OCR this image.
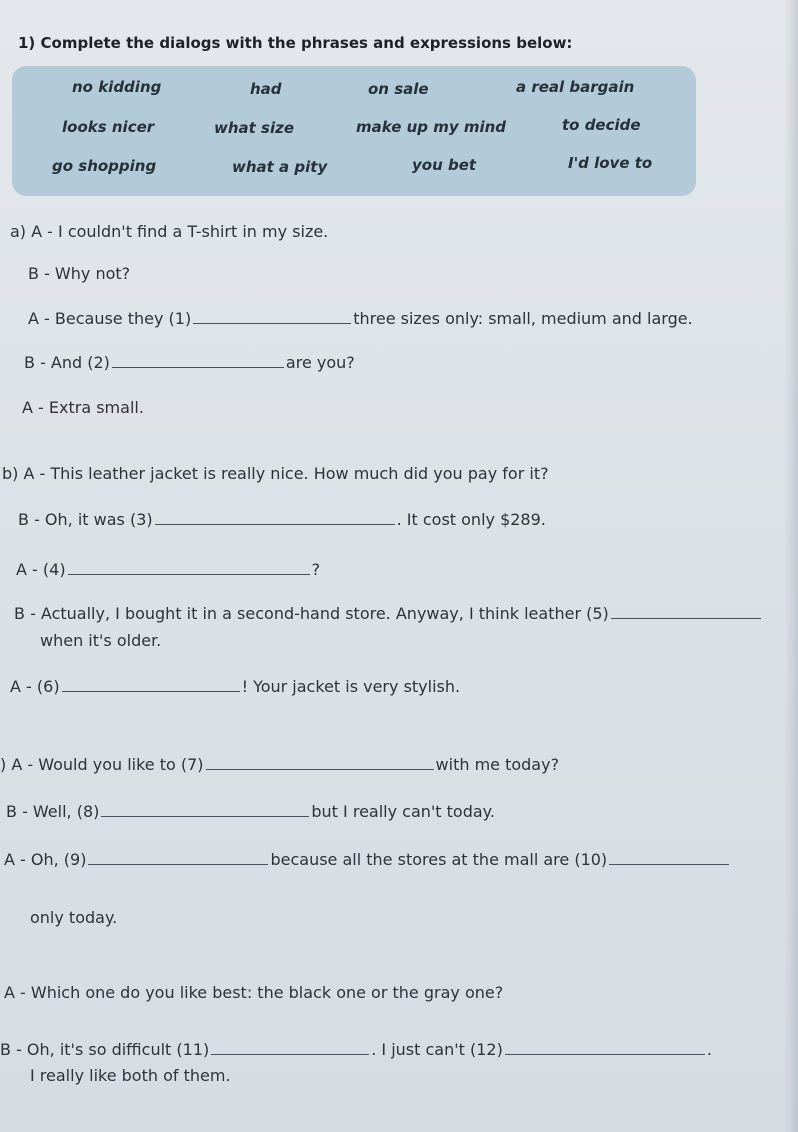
1) Complete the dialogs with the phrases and expressions below:
no kidding	had	on sale	a real bargain
looks nicer	what size	make up my mind	to decide
go shopping	what a pity	you bet	I'd love to
a) A - I couldn't find a T-shirt in my size.
B - Why not?
A - Because they (1)	three sizes only: small, medium and large.
B - And (2)	are you?
A - Extra small.
b) A - This leather jacket is really nice. How much did you pay for it?
B - Oh, it was (3)	. It cost only $289.
A - (4)	?
B - Actually, I bought it in a second-hand store. Anyway, I think leather (5)
when it's older.
A - (6)	! Your jacket is very stylish.
) A - Would you like to (7)	with me today?
B - Well, (8)	but I really can't today.
A - Oh, (9)	because all the stores at the mall are (10)
only today.
A - Which one do you like best: the black one or the gray one?
B - Oh, it's so difficult (11)	. I just can't (12)	.
I really like both of them.
